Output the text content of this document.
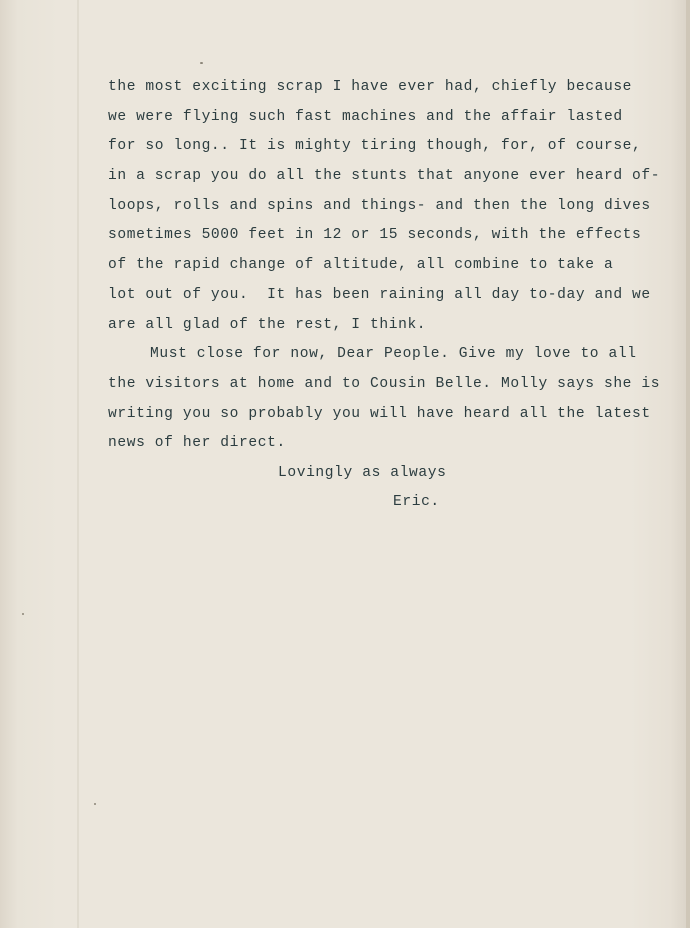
the most exciting scrap I have ever had, chiefly because
we were flying such fast machines and the affair lasted
for so long.. It is mighty tiring though, for, of course,
in a scrap you do all the stunts that anyone ever heard of-
loops, rolls and spins and things- and then the long dives
sometimes 5000 feet in 12 or 15 seconds, with the effects
of the rapid change of altitude, all combine to take a
lot out of you.  It has been raining all day to-day and we
are all glad of the rest, I think.
Must close for now, Dear People. Give my love to all
the visitors at home and to Cousin Belle. Molly says she is
writing you so probably you will have heard all the latest
news of her direct.
Lovingly as always
Eric.
